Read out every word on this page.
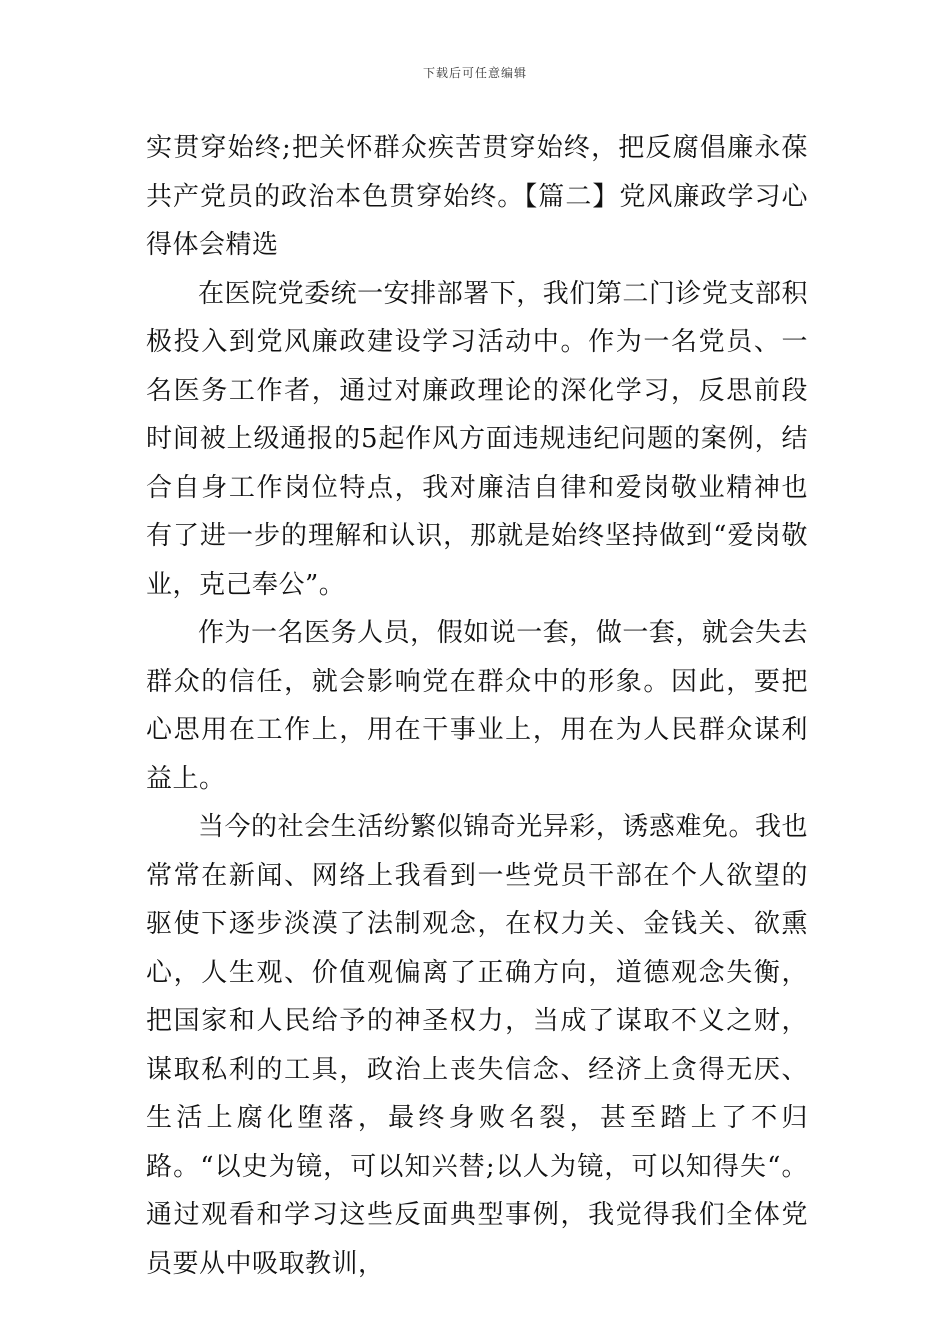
下载后可任意编辑

实贯穿始终;把关怀群众疾苦贯穿始终，把反腐倡廉永葆共产党员的政治本色贯穿始终。【篇二】党风廉政学习心得体会精选

在医院党委统一安排部署下，我们第二门诊党支部积极投入到党风廉政建设学习活动中。作为一名党员、一名医务工作者，通过对廉政理论的深化学习，反思前段时间被上级通报的5起作风方面违规违纪问题的案例，结合自身工作岗位特点，我对廉洁自律和爱岗敬业精神也有了进一步的理解和认识，那就是始终坚持做到“爱岗敬业，克己奉公”。

作为一名医务人员，假如说一套，做一套，就会失去群众的信任，就会影响党在群众中的形象。因此，要把心思用在工作上，用在干事业上，用在为人民群众谋利益上。

当今的社会生活纷繁似锦奇光异彩，诱惑难免。我也常常在新闻、网络上我看到一些党员干部在个人欲望的驱使下逐步淡漠了法制观念，在权力关、金钱关、欲熏心，人生观、价值观偏离了正确方向，道德观念失衡，把国家和人民给予的神圣权力，当成了谋取不义之财，谋取私利的工具，政治上丧失信念、经济上贪得无厌、生活上腐化堕落，最终身败名裂，甚至踏上了不归路。“以史为镜，可以知兴替;以人为镜，可以知得失“。通过观看和学习这些反面典型事例，我觉得我们全体党员要从中吸取教训，
